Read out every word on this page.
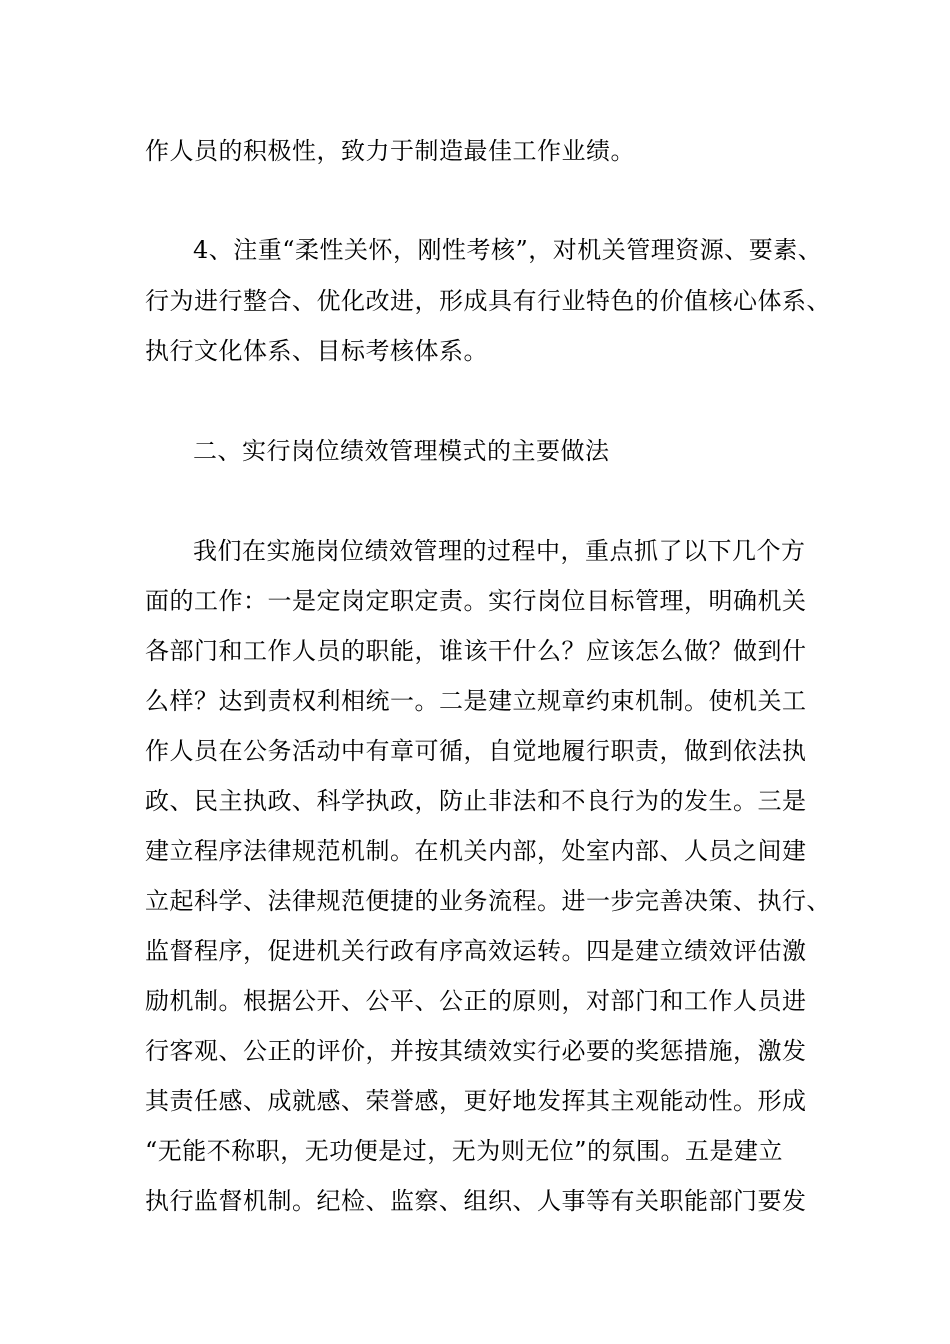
作人员的积极性，致力于制造最佳工作业绩。
4、注重“柔性关怀，刚性考核”，对机关管理资源、要素、
行为进行整合、优化改进，形成具有行业特色的价值核心体系、
执行文化体系、目标考核体系。
二、实行岗位绩效管理模式的主要做法
我们在实施岗位绩效管理的过程中，重点抓了以下几个方
面的工作：一是定岗定职定责。实行岗位目标管理，明确机关
各部门和工作人员的职能，谁该干什么？应该怎么做？做到什
么样？达到责权利相统一。二是建立规章约束机制。使机关工
作人员在公务活动中有章可循，自觉地履行职责，做到依法执
政、民主执政、科学执政，防止非法和不良行为的发生。三是
建立程序法律规范机制。在机关内部，处室内部、人员之间建
立起科学、法律规范便捷的业务流程。进一步完善决策、执行、
监督程序，促进机关行政有序高效运转。四是建立绩效评估激
励机制。根据公开、公平、公正的原则，对部门和工作人员进
行客观、公正的评价，并按其绩效实行必要的奖惩措施，激发
其责任感、成就感、荣誉感，更好地发挥其主观能动性。形成
“无能不称职，无功便是过，无为则无位”的氛围。五是建立
执行监督机制。纪检、监察、组织、人事等有关职能部门要发
